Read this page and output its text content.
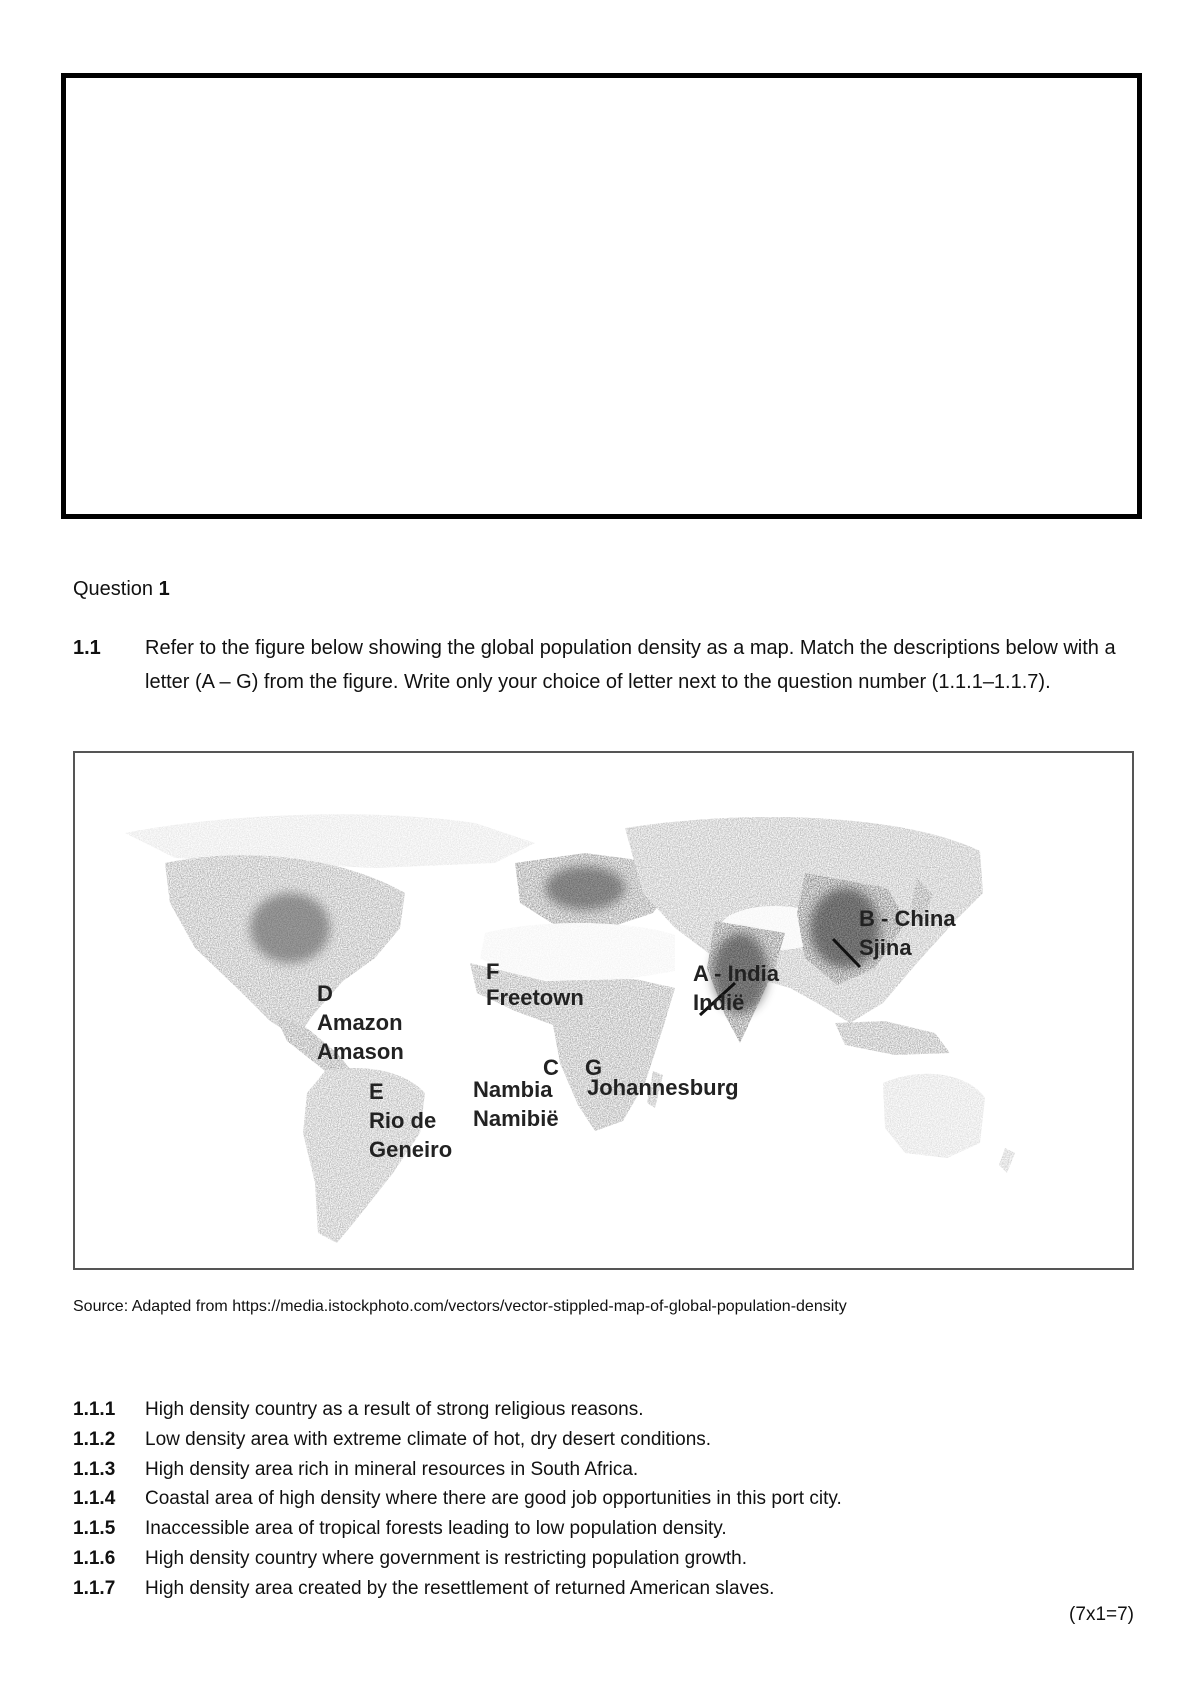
Question 1
1.1 Refer to the figure below showing the global population density as a map. Match the descriptions below with a letter (A – G) from the figure. Write only your choice of letter next to the question number (1.1.1–1.1.7).
A - India
Indië
B - China
Sjina
D
Amazon
Amason
E
Rio de
Geneiro
F
Freetown
C
Nambia
Namibië
G
Johannesburg
Source: Adapted from https://media.istockphoto.com/vectors/vector-stippled-map-of-global-population-density
1.1.1 High density country as a result of strong religious reasons.
1.1.2 Low density area with extreme climate of hot, dry desert conditions.
1.1.3 High density area rich in mineral resources in South Africa.
1.1.4 Coastal area of high density where there are good job opportunities in this port city.
1.1.5 Inaccessible area of tropical forests leading to low population density.
1.1.6 High density country where government is restricting population growth.
1.1.7 High density area created by the resettlement of returned American slaves.
(7x1=7)
